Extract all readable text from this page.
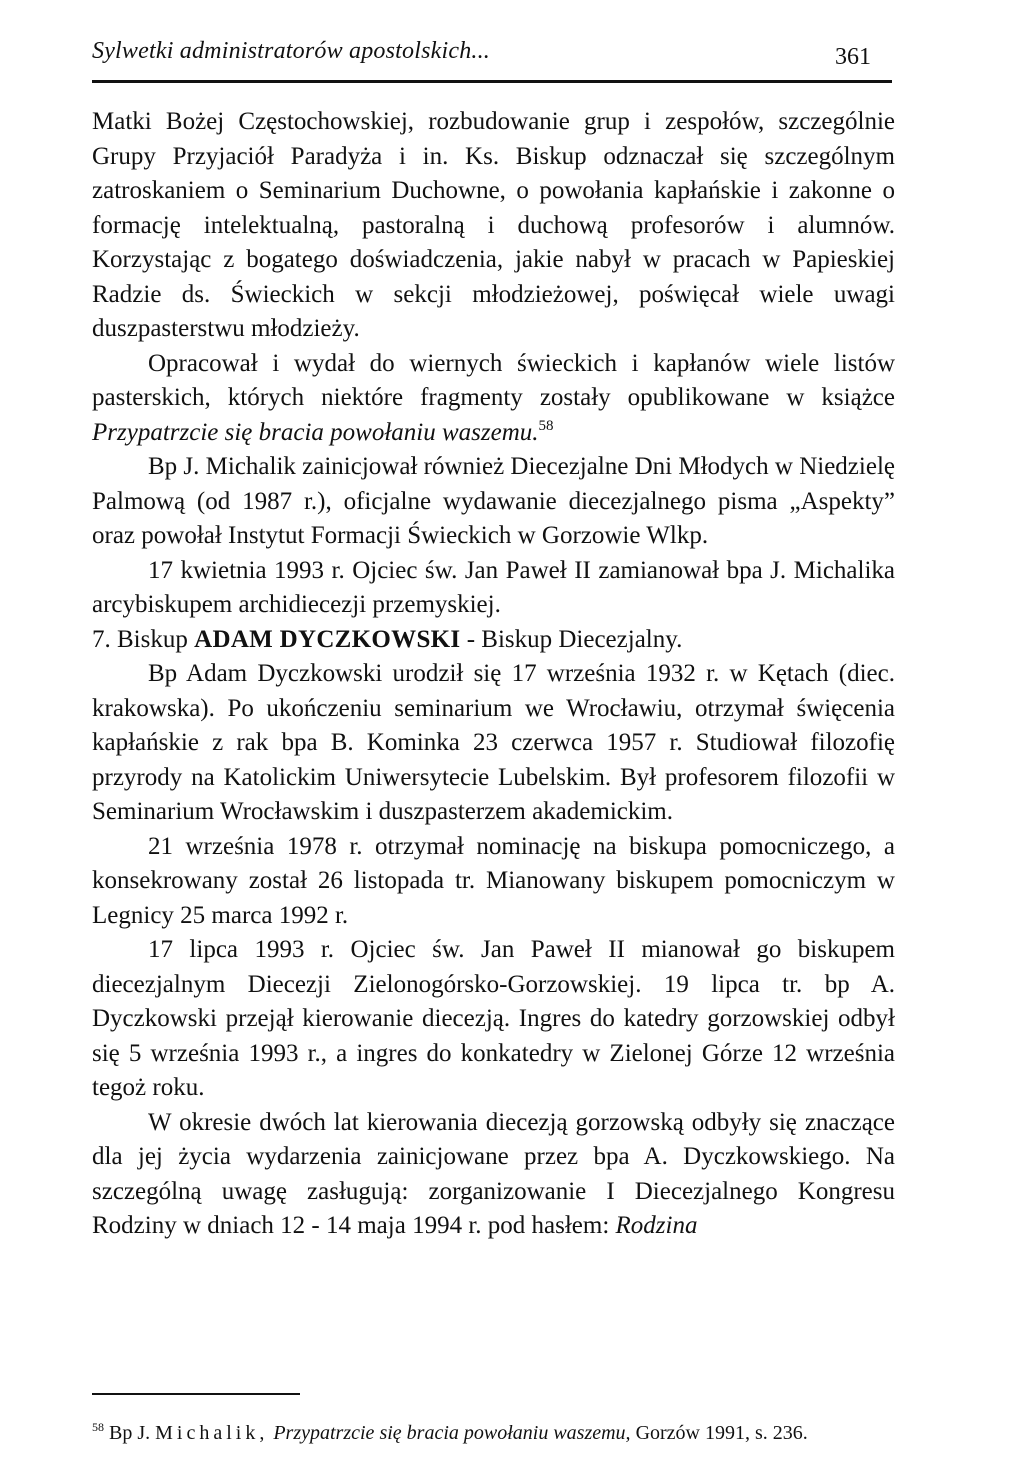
Sylwetki administratorów apostolskich...	361

Matki Bożej Częstochowskiej, rozbudowanie grup i zespołów, szczególnie Grupy Przyjaciół Paradyża i in. Ks. Biskup odznaczał się szczególnym zatroskaniem o Seminarium Duchowne, o powołania kapłańskie i zakonne o formację intelektualną, pastoralną i duchową profesorów i alumnów. Korzystając z bogatego doświadczenia, jakie nabył w pracach w Papieskiej Radzie ds. Świeckich w sekcji młodzieżowej, poświęcał wiele uwagi duszpasterstwu młodzieży.

Opracował i wydał do wiernych świeckich i kapłanów wiele listów pasterskich, których niektóre fragmenty zostały opublikowane w książce Przypatrzcie się bracia powołaniu waszemu.$^{58}$

Bp J. Michalik zainicjował również Diecezjalne Dni Młodych w Niedzielę Palmową (od 1987 r.), oficjalne wydawanie diecezjalnego pisma „Aspekty” oraz powołał Instytut Formacji Świeckich w Gorzowie Wlkp.

17 kwietnia 1993 r. Ojciec św. Jan Paweł II zamianował bpa J. Michalika arcybiskupem archidiecezji przemyskiej.

7. Biskup ADAM DYCZKOWSKI - Biskup Diecezjalny.

Bp Adam Dyczkowski urodził się 17 września 1932 r. w Kętach (diec. krakowska). Po ukończeniu seminarium we Wrocławiu, otrzymał święcenia kapłańskie z rak bpa B. Kominka 23 czerwca 1957 r. Studiował filozofię przyrody na Katolickim Uniwersytecie Lubelskim. Był profesorem filozofii w Seminarium Wrocławskim i duszpasterzem akademickim.

21 września 1978 r. otrzymał nominację na biskupa pomocniczego, a konsekrowany został 26 listopada tr. Mianowany biskupem pomocniczym w Legnicy 25 marca 1992 r.

17 lipca 1993 r. Ojciec św. Jan Paweł II mianował go biskupem diecezjalnym Diecezji Zielonogórsko-Gorzowskiej. 19 lipca tr. bp A. Dyczkowski przejął kierowanie diecezją. Ingres do katedry gorzowskiej odbył się 5 września 1993 r., a ingres do konkatedry w Zielonej Górze 12 września tegoż roku.

W okresie dwóch lat kierowania diecezją gorzowską odbyły się znaczące dla jej życia wydarzenia zainicjowane przez bpa A. Dyczkowskiego. Na szczególną uwagę zasługują: zorganizowanie I Diecezjalnego Kongresu Rodziny w dniach 12 - 14 maja 1994 r. pod hasłem: Rodzina

$^{58}$ Bp J. Michalik, Przypatrzcie się bracia powołaniu waszemu, Gorzów 1991, s. 236.
